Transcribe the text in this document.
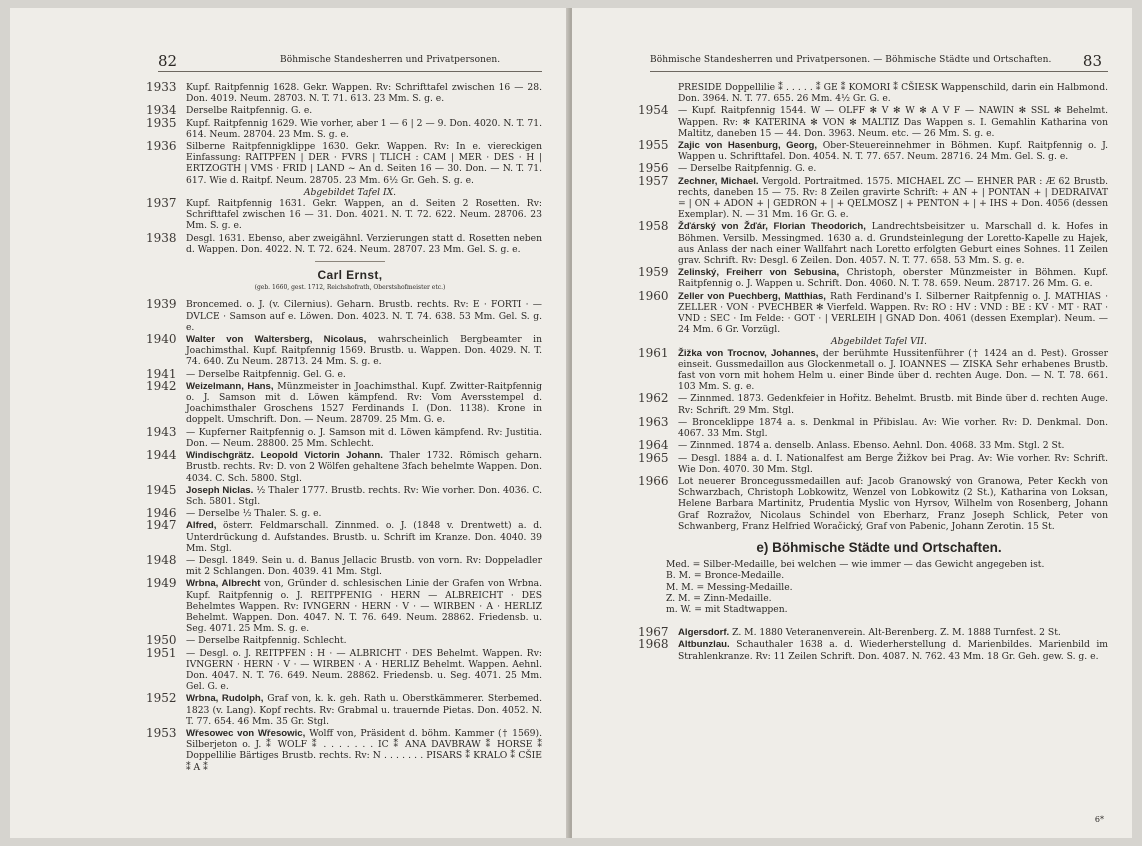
82	Böhmische Standesherren und Privatpersonen.
1933 Kupf. Raitpfennig 1628. Gekr. Wappen. Rv: Schrifttafel zwischen 16 — 28. Don. 4019. Neum. 28703. N. T. 71. 613. 23 Mm. S. g. e.

1934 Derselbe Raitpfennig. G. e.

1935 Kupf. Raitpfennig 1629. Wie vorher, aber 1 — 6 | 2 — 9. Don. 4020. N. T. 71. 614. Neum. 28704. 23 Mm. S. g. e.

1936 Silberne Raitpfennigklippe 1630. Gekr. Wappen. Rv: In e. viereckigen Einfassung: RAITPFEN | DER · FVRS | TLICH : CAM | MER · DES · H | ERTZOGTH | VMS · FRID | LAND ~ An d. Seiten 16 — 30. Don. — N. T. 71. 617. Wie d. Raitpf. Neum. 28705. 23 Mm. 6½ Gr. Geh. S. g. e.

Abgebildet Tafel IX.

1937 Kupf. Raitpfennig 1631. Gekr. Wappen, an d. Seiten 2 Rosetten. Rv: Schrifttafel zwischen 16 — 31. Don. 4021. N. T. 72. 622. Neum. 28706. 23 Mm. S. g. e.

1938 Desgl. 1631. Ebenso, aber zweigähnl. Verzierungen statt d. Rosetten neben d. Wappen. Don. 4022. N. T. 72. 624. Neum. 28707. 23 Mm. Gel. S. g. e.

Carl Ernst,
(geb. 1660, gest. 1712, Reichshofrath, Oberstshofmeister etc.)
1939 Broncemed. o. J. (v. Cilernius). Geharn. Brustb. rechts. Rv: E · FORTI · — DVLCE · Samson auf e. Löwen. Don. 4023. N. T. 74. 638. 53 Mm. Gel. S. g. e.

1940 Walter von Waltersberg, Nicolaus, wahrscheinlich Bergbeamter in Joachimsthal. Kupf. Raitpfennig 1569. Brustb. u. Wappen. Don. 4029. N. T. 74. 640. Zu Neum. 28713. 24 Mm. S. g. e.

1941 — Derselbe Raitpfennig. Gel. G. e.

1942 Weizelmann, Hans, Münzmeister in Joachimsthal. Kupf. Zwitter-Raitpfennig o. J. Samson mit d. Löwen kämpfend. Rv: Vom Aversstempel d. Joachimsthaler Groschens 1527 Ferdinands I. (Don. 1138). Krone in doppelt. Umschrift. Don. — Neum. 28709. 25 Mm. G. e.

1943 — Kupferner Raitpfennig o. J. Samson mit d. Löwen kämpfend. Rv: Justitia. Don. — Neum. 28800. 25 Mm. Schlecht.

1944 Windischgrätz. Leopold Victorin Johann. Thaler 1732. Römisch geharn. Brustb. rechts. Rv: D. von 2 Wölfen gehaltene 3fach behelmte Wappen. Don. 4034. C. Sch. 5800. Stgl.

1945 Joseph Niclas. ½ Thaler 1777. Brustb. rechts. Rv: Wie vorher. Don. 4036. C. Sch. 5801. Stgl.

1946 — Derselbe ½ Thaler. S. g. e.

1947 Alfred, österr. Feldmarschall. Zinnmed. o. J. (1848 v. Drentwett) a. d. Unterdrückung d. Aufstandes. Brustb. u. Schrift im Kranze. Don. 4040. 39 Mm. Stgl.

1948 — Desgl. 1849. Sein u. d. Banus Jellacic Brustb. von vorn. Rv: Doppeladler mit 2 Schlangen. Don. 4039. 41 Mm. Stgl.

1949 Wrbna, Albrecht von, Gründer d. schlesischen Linie der Grafen von Wrbna. Kupf. Raitpfennig o. J. REITPFENIG · HERN — ALBREICHT · DES Behelmtes Wappen. Rv: IVNGERN · HERN · V · — WIRBEN · A · HERLIZ Behelmt. Wappen. Don. 4047. N. T. 76. 649. Neum. 28862. Friedensb. u. Seg. 4071. 25 Mm. S. g. e.

1950 — Derselbe Raitpfennig. Schlecht.

1951 — Desgl. o. J. REITPFEN : H · — ALBRICHT · DES Behelmt. Wappen. Rv: IVNGERN · HERN · V · — WIRBEN · A · HERLIZ Behelmt. Wappen. Aehnl. Don. 4047. N. T. 76. 649. Neum. 28862. Friedensb. u. Seg. 4071. 25 Mm. Gel. G. e.

1952 Wrbna, Rudolph, Graf von, k. k. geh. Rath u. Oberstkämmerer. Sterbemed. 1823 (v. Lang). Kopf rechts. Rv: Grabmal u. trauernde Pietas. Don. 4052. N. T. 77. 654. 46 Mm. 35 Gr. Stgl.

1953 Wřesowec von Wřesowic, Wolff von, Präsident d. böhm. Kammer († 1569). Silberjeton o. J. ⁑ WOLF ⁑ . . . . . . . IC ⁑ ANA DAVBRAW ⁑ HORSE ⁑ Doppellilie Bärtiges Brustb. rechts. Rv: N . . . . . . . PISARS ⁑ KRALO ⁑ CŠIE ⁑ A ⁑

Böhmische Standesherren und Privatpersonen. — Böhmische Städte und Ortschaften. 83

PRESIDE Doppellilie ⁑ . . . . . ⁑ GE ⁑ KOMORI ⁑ CŠIESK Wappenschild, darin ein Halbmond. Don. 3964. N. T. 77. 655. 26 Mm. 4½ Gr. G. e.

1954 — Kupf. Raitpfennig 1544. W — OLFF ✻ V ✻ W ✻ A V F — NAWIN ✻ SSL ✻ Behelmt. Wappen. Rv: ✻ KATERINA ✻ VON ✻ MALTIZ Das Wappen s. I. Gemahlin Katharina von Maltitz, daneben 15 — 44. Don. 3963. Neum. etc. — 26 Mm. S. g. e.

1955 Zajic von Hasenburg, Georg, Ober-Steuereinnehmer in Böhmen. Kupf. Raitpfennig o. J. Wappen u. Schrifttafel. Don. 4054. N. T. 77. 657. Neum. 28716. 24 Mm. Gel. S. g. e.

1956 — Derselbe Raitpfennig. G. e.

1957 Zechner, Michael. Vergold. Portraitmed. 1575. MICHAEL ZC — EHNER PAR : Æ 62 Brustb. rechts, daneben 15 — 75. Rv: 8 Zeilen gravirte Schrift: + AN + | PONTAN + | DEDRAIVAT = | ON + ADON + | GEDRON + | + QELMOSZ | + PENTON + | + IHS + Don. 4056 (dessen Exemplar). N. — 31 Mm. 16 Gr. G. e.

1958 Žďárský von Žďár, Florian Theodorich, Landrechtsbeisitzer u. Marschall d. k. Hofes in Böhmen. Versilb. Messingmed. 1630 a. d. Grundsteinlegung der Loretto-Kapelle zu Hajek, aus Anlass der nach einer Wallfahrt nach Loretto erfolgten Geburt eines Sohnes. 11 Zeilen grav. Schrift. Rv: Desgl. 6 Zeilen. Don. 4057. N. T. 77. 658. 53 Mm. S. g. e.

1959 Zelinský, Freiherr von Sebusina, Christoph, oberster Münzmeister in Böhmen. Kupf. Raitpfennig o. J. Wappen u. Schrift. Don. 4060. N. T. 78. 659. Neum. 28717. 26 Mm. G. e.

1960 Zeller von Puechberg, Matthias, Rath Ferdinand's I. Silberner Raitpfennig o. J. MATHIAS · ZELLER · VON · PVECHBER ✻ Vierfeld. Wappen. Rv: RO : HV : VND : BE : KV · MT · RAT · VND : SEC · Im Felde: · GOT · | VERLEIH | GNAD Don. 4061 (dessen Exemplar). Neum. — 24 Mm. 6 Gr. Vorzügl.

Abgebildet Tafel VII.

1961 Žižka von Trocnov, Johannes, der berühmte Hussitenführer († 1424 an d. Pest). Grosser einseit. Gussmedaillon aus Glockenmetall o. J. IOANNES — ZISKA Sehr erhabenes Brustb. fast von vorn mit hohem Helm u. einer Binde über d. rechten Auge. Don. — N. T. 78. 661. 103 Mm. S. g. e.

1962 — Zinnmed. 1873. Gedenkfeier in Hořitz. Behelmt. Brustb. mit Binde über d. rechten Auge. Rv: Schrift. 29 Mm. Stgl.

1963 — Bronceklippe 1874 a. s. Denkmal in Přibislau. Av: Wie vorher. Rv: D. Denkmal. Don. 4067. 33 Mm. Stgl.

1964 — Zinnmed. 1874 a. denselb. Anlass. Ebenso. Aehnl. Don. 4068. 33 Mm. Stgl. 2 St.

1965 — Desgl. 1884 a. d. I. Nationalfest am Berge Žižkov bei Prag. Av: Wie vorher. Rv: Schrift. Wie Don. 4070. 30 Mm. Stgl.

1966 Lot neuerer Broncegussmedaillen auf: Jacob Granowský von Granowa, Peter Keckh von Schwarzbach, Christoph Lobkowitz, Wenzel von Lobkowitz (2 St.), Katharina von Loksan, Helene Barbara Martinitz, Prudentia Myslic von Hyrsov, Wilhelm von Rosenberg, Johann Graf Rozražov, Nicolaus Schindel von Eberharz, Franz Joseph Schlick, Peter von Schwanberg, Franz Helfried Woračický, Graf von Pabenic, Johann Zerotin. 15 St.

e) Böhmische Städte und Ortschaften.

Med. = Silber-Medaille, bei welchen — wie immer — das Gewicht angegeben ist.

B. M. = Bronce-Medaille.

M. M. = Messing-Medaille.

Z. M. = Zinn-Medaille.

m. W. = mit Stadtwappen.

1967 Algersdorf. Z. M. 1880 Veteranenverein. Alt-Berenberg. Z. M. 1888 Turnfest. 2 St.

1968 Altbunzlau. Schauthaler 1638 a. d. Wiederherstellung d. Marienbildes. Marienbild im Strahlenkranze. Rv: 11 Zeilen Schrift. Don. 4087. N. 762. 43 Mm. 18 Gr. Geh. gew. S. g. e.

6*
